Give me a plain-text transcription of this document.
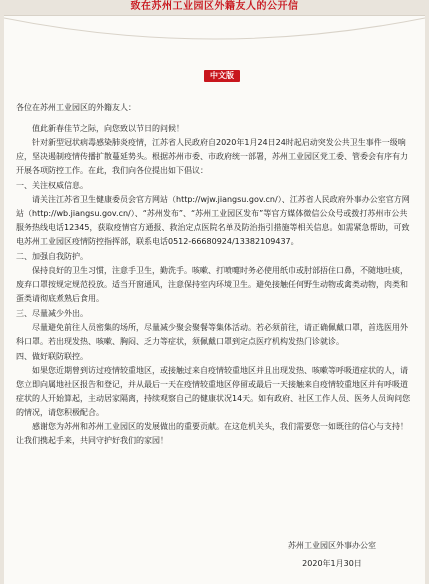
致在苏州工业园区外籍友人的公开信
中文版

各位在苏州工业园区的外籍友人：

值此新春佳节之际，向您致以节日的问候！

针对新型冠状病毒感染肺炎疫情，江苏省人民政府自2020年1月24日24时起启动突发公共卫生事件一级响应，坚决遏制疫情传播扩散蔓延势头。根据苏州市委、市政府统一部署，苏州工业园区党工委、管委会有序有力开展各项防控工作。在此，我们向各位提出如下倡议：

一、关注权威信息。

请关注江苏省卫生健康委员会官方网站（http://wjw.jiangsu.gov.cn/）、江苏省人民政府外事办公室官方网站（http://wb.jiangsu.gov.cn/）、“苏州发布”、“苏州工业园区发布”等官方媒体微信公众号或拨打苏州市公共服务热线电话12345，获取疫情官方通报、救治定点医院名单及防治指引措施等相关信息。如需紧急帮助，可致电苏州工业园区疫情防控指挥部，联系电话0512-66680924/13382109437。

二、加强自我防护。

保持良好的卫生习惯，注意手卫生，勤洗手。咳嗽、打喷嚏时务必使用纸巾或肘部捂住口鼻，不随地吐痰，废弃口罩按规定规范投放。适当开窗通风，注意保持室内环境卫生。避免接触任何野生动物或禽类动物，肉类和蛋类请彻底煮熟后食用。

三、尽量减少外出。

尽量避免前往人员密集的场所，尽量减少聚会聚餐等集体活动。若必须前往，请正确佩戴口罩，首选医用外科口罩。若出现发热、咳嗽、胸闷、乏力等症状，须佩戴口罩到定点医疗机构发热门诊就诊。

四、做好联防联控。

如果您近期曾到访过疫情较重地区，或接触过来自疫情较重地区并且出现发热、咳嗽等呼吸道症状的人，请您立即向属地社区报告和登记，并从最后一天在疫情较重地区停留或最后一天接触来自疫情较重地区并有呼吸道症状的人开始算起，主动居家隔离，持续观察自己的健康状况14天。如有政府、社区工作人员、医务人员询问您的情况，请您积极配合。

感谢您为苏州和苏州工业园区的发展做出的重要贡献。在这危机关头，我们需要您一如既往的信心与支持！让我们携起手来，共同守护好我们的家园！

苏州工业园区外事办公室
2020年1月30日
